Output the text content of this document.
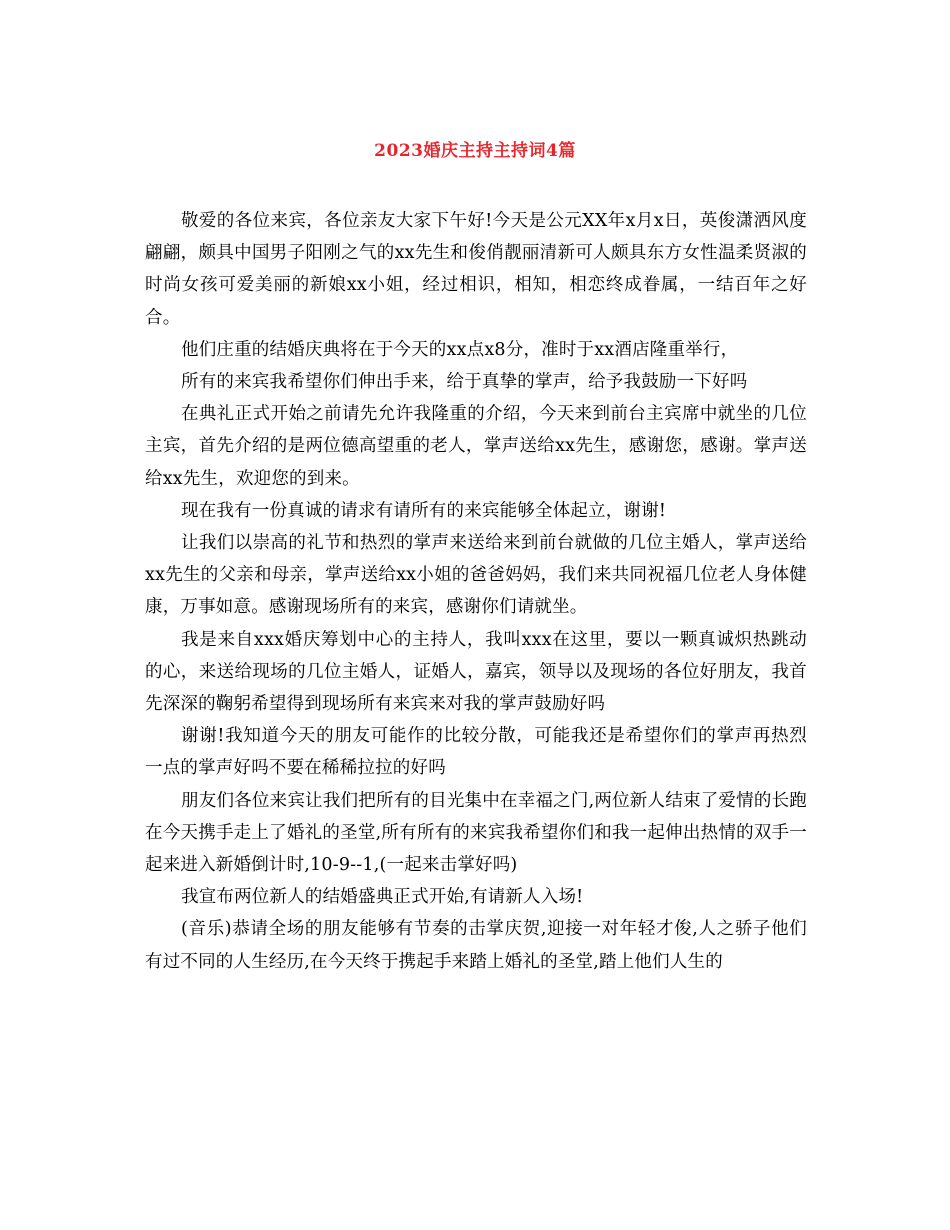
2023婚庆主持主持词4篇

敬爱的各位来宾，各位亲友大家下午好!今天是公元XX年x月x日，英俊潇洒风度翩翩，颇具中国男子阳刚之气的xx先生和俊俏靓丽清新可人颇具东方女性温柔贤淑的时尚女孩可爱美丽的新娘xx小姐，经过相识，相知，相恋终成眷属，一结百年之好合。

他们庄重的结婚庆典将在于今天的xx点x8分，准时于xx酒店隆重举行，

所有的来宾我希望你们伸出手来，给于真挚的掌声，给予我鼓励一下好吗

在典礼正式开始之前请先允许我隆重的介绍，今天来到前台主宾席中就坐的几位主宾，首先介绍的是两位德高望重的老人，掌声送给xx先生，感谢您，感谢。掌声送给xx先生，欢迎您的到来。

现在我有一份真诚的请求有请所有的来宾能够全体起立，谢谢!

让我们以崇高的礼节和热烈的掌声来送给来到前台就做的几位主婚人，掌声送给xx先生的父亲和母亲，掌声送给xx小姐的爸爸妈妈，我们来共同祝福几位老人身体健康，万事如意。感谢现场所有的来宾，感谢你们请就坐。

我是来自xxx婚庆筹划中心的主持人，我叫xxx在这里，要以一颗真诚炽热跳动的心，来送给现场的几位主婚人，证婚人，嘉宾，领导以及现场的各位好朋友，我首先深深的鞠躬希望得到现场所有来宾来对我的掌声鼓励好吗

谢谢!我知道今天的朋友可能作的比较分散，可能我还是希望你们的掌声再热烈一点的掌声好吗不要在稀稀拉拉的好吗

朋友们各位来宾让我们把所有的目光集中在幸福之门,两位新人结束了爱情的长跑在今天携手走上了婚礼的圣堂,所有所有的来宾我希望你们和我一起伸出热情的双手一起来进入新婚倒计时,10-9--1,(一起来击掌好吗)

我宣布两位新人的结婚盛典正式开始,有请新人入场!

(音乐)恭请全场的朋友能够有节奏的击掌庆贺,迎接一对年轻才俊,人之骄子他们有过不同的人生经历,在今天终于携起手来踏上婚礼的圣堂,踏上他们人生的
